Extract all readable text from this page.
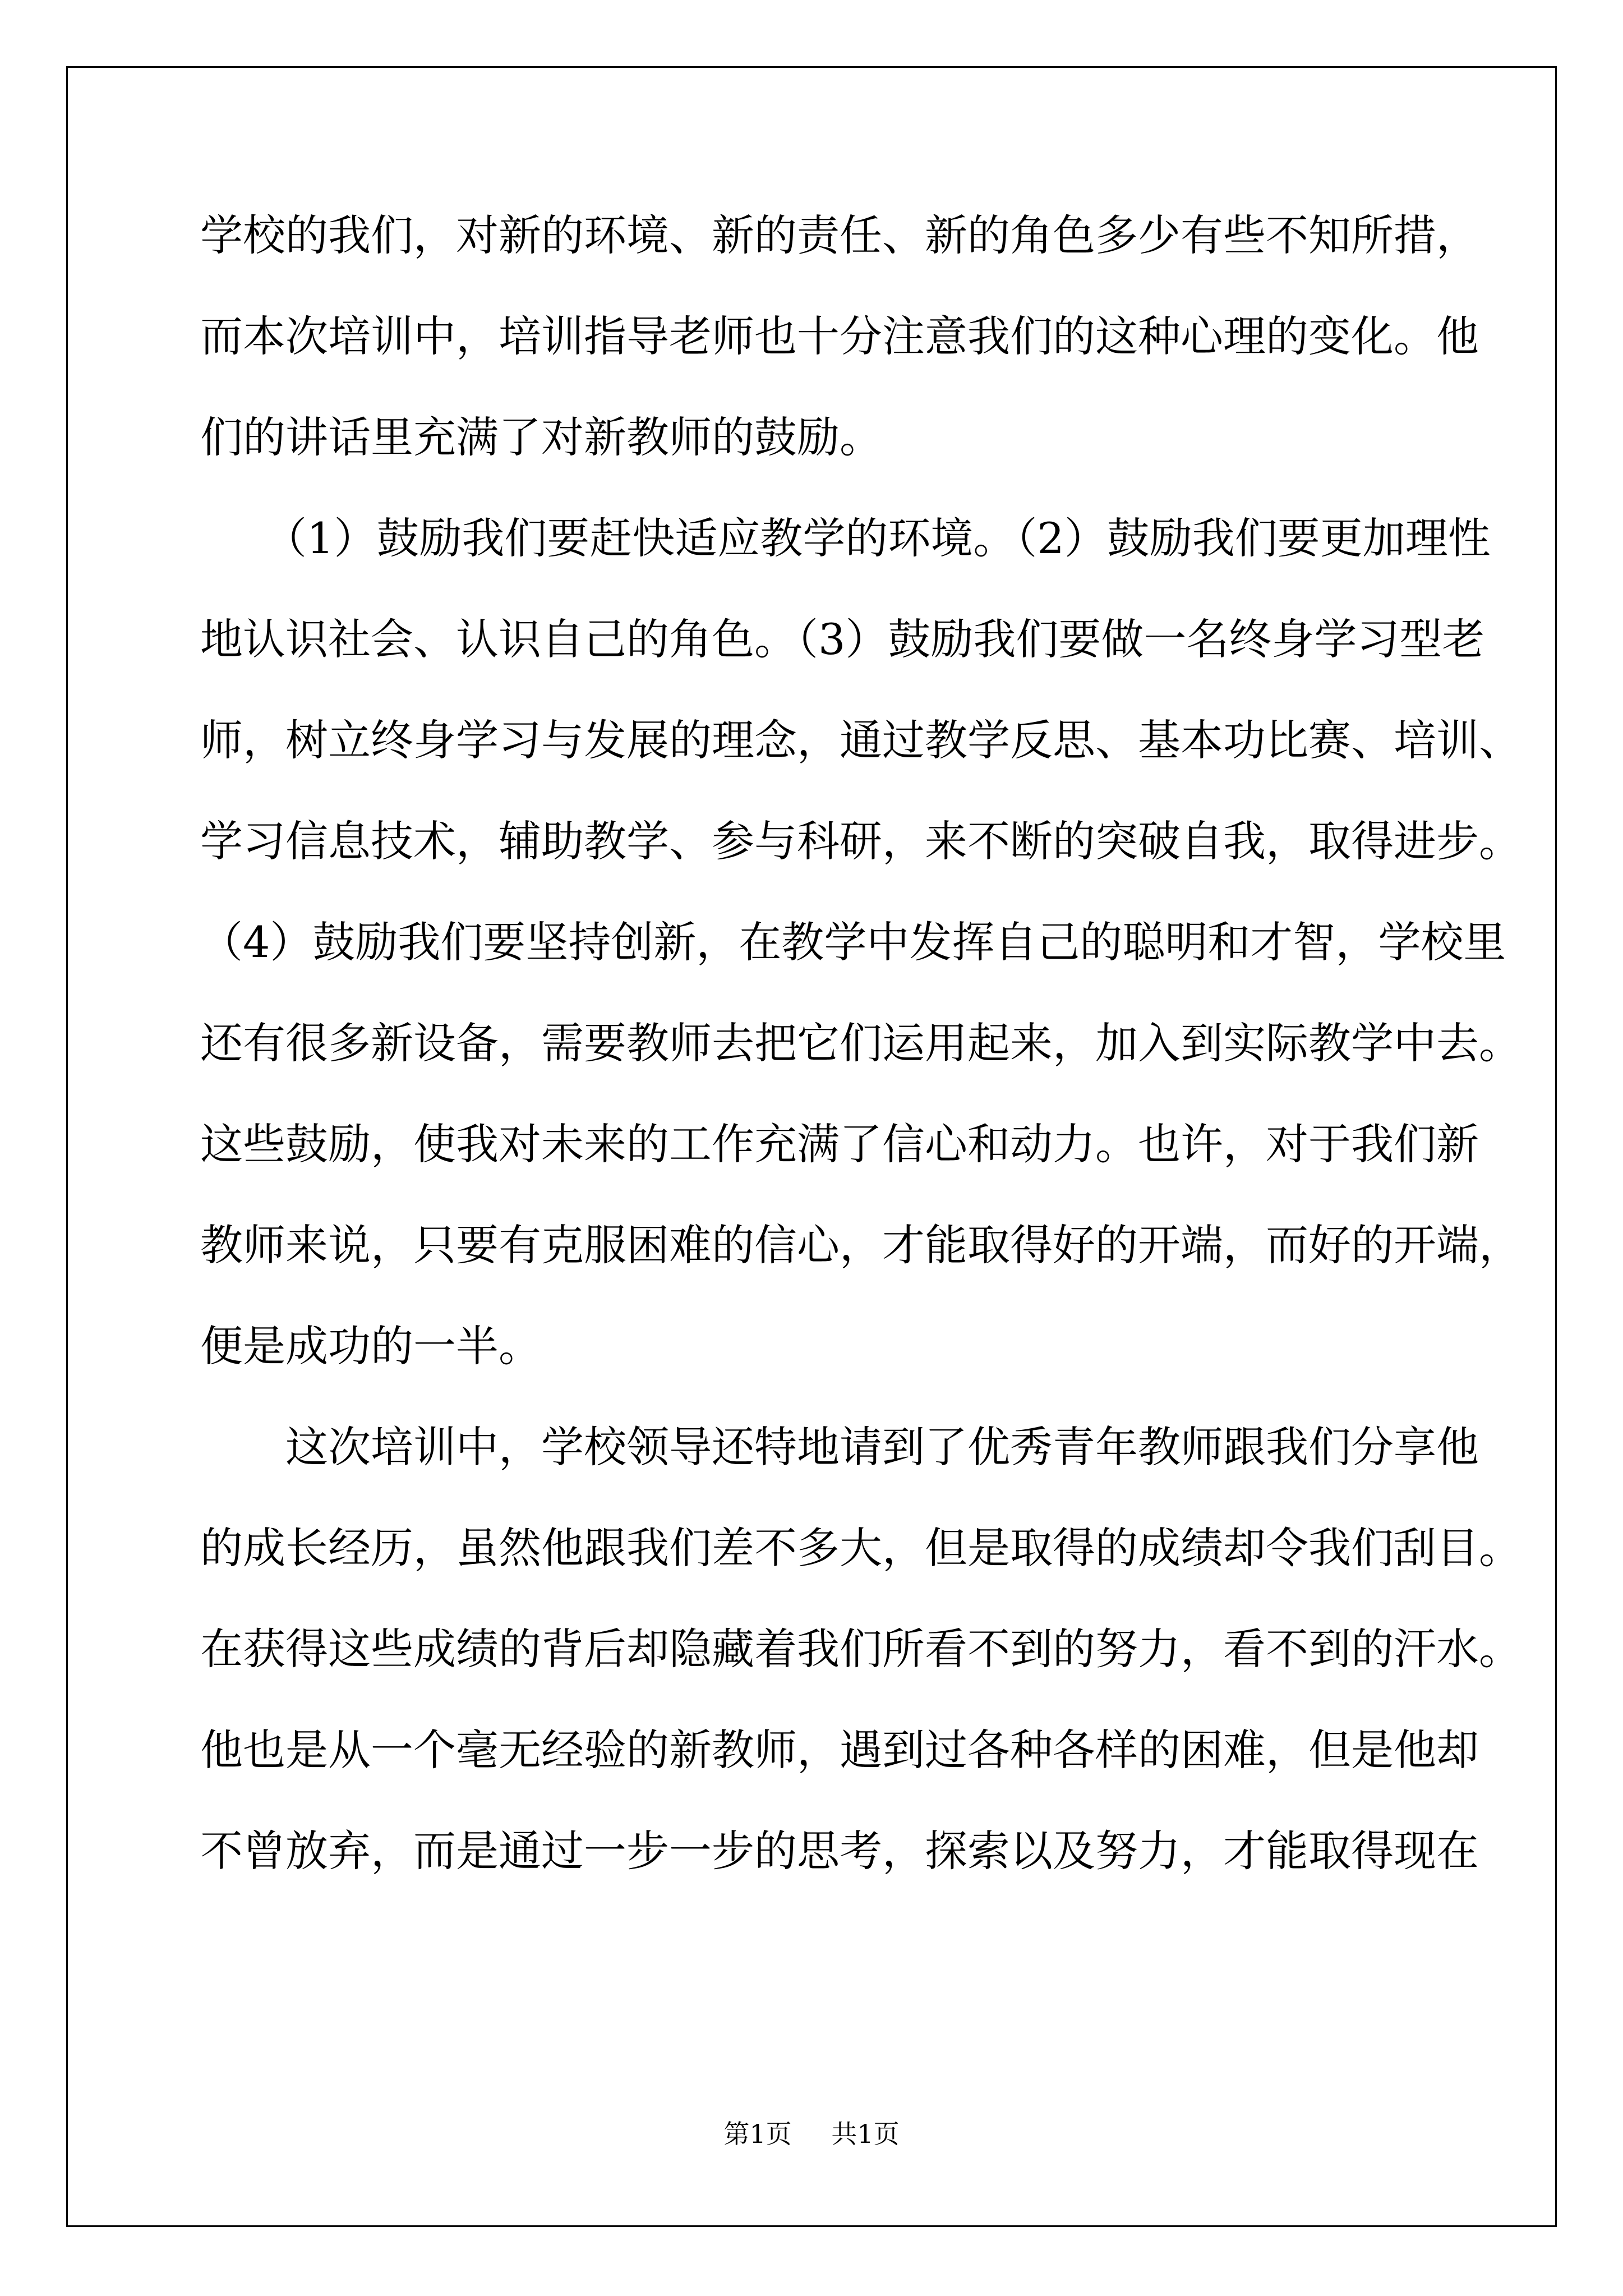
学校的我们，对新的环境、新的责任、新的角色多少有些不知所措，
而本次培训中，培训指导老师也十分注意我们的这种心理的变化。他
们的讲话里充满了对新教师的鼓励。

　　（1）鼓励我们要赶快适应教学的环境。（2）鼓励我们要更加理性
地认识社会、认识自己的角色。（3）鼓励我们要做一名终身学习型老
师，树立终身学习与发展的理念，通过教学反思、基本功比赛、培训、
学习信息技术，辅助教学、参与科研，来不断的突破自我，取得进步。
（4）鼓励我们要坚持创新，在教学中发挥自己的聪明和才智，学校里
还有很多新设备，需要教师去把它们运用起来，加入到实际教学中去。
这些鼓励，使我对未来的工作充满了信心和动力。也许，对于我们新
教师来说，只要有克服困难的信心，才能取得好的开端，而好的开端，
便是成功的一半。

　　这次培训中，学校领导还特地请到了优秀青年教师跟我们分享他
的成长经历，虽然他跟我们差不多大，但是取得的成绩却令我们刮目。
在获得这些成绩的背后却隐藏着我们所看不到的努力，看不到的汗水。
他也是从一个毫无经验的新教师，遇到过各种各样的困难，但是他却
不曾放弃，而是通过一步一步的思考，探索以及努力，才能取得现在

第1页 共1页
